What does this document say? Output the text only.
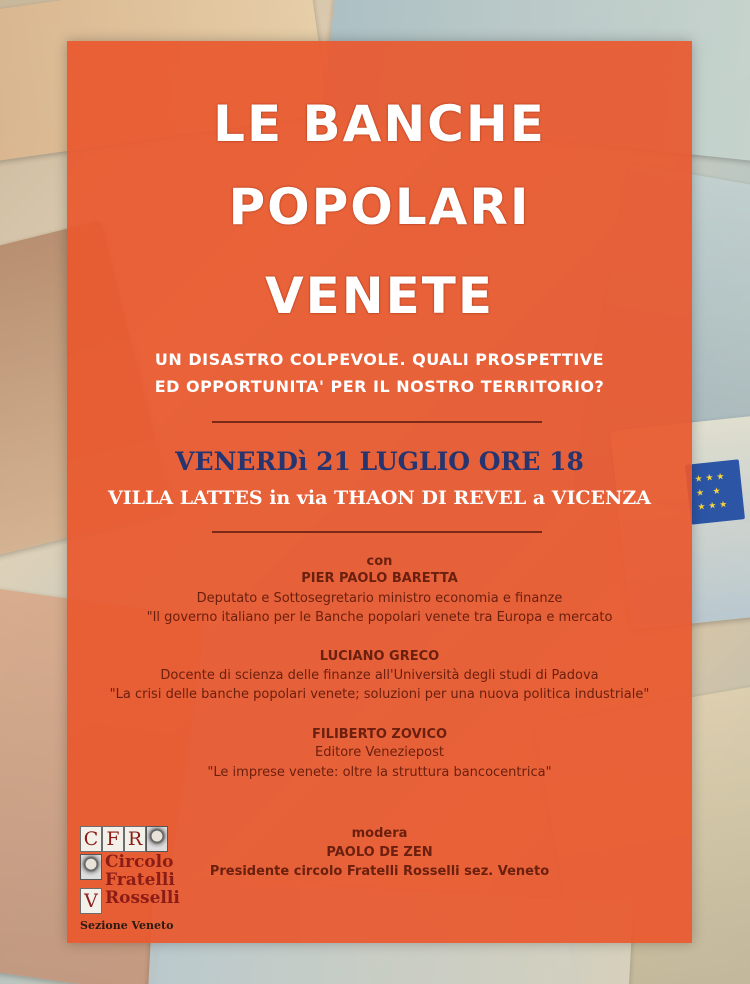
★ ★ ★ ★ ★ ★ ★ ★
LE BANCHE
POPOLARI
VENETE
UN DISASTRO COLPEVOLE. QUALI PROSPETTIVE
ED OPPORTUNITA' PER IL NOSTRO TERRITORIO?
VENERDì 21 LUGLIO ORE 18
VILLA LATTES in via THAON DI REVEL a VICENZA
con
PIER PAOLO BARETTA
Deputato e Sottosegretario ministro economia e finanze
"Il governo italiano per le Banche popolari venete tra Europa e mercato
LUCIANO GRECO
Docente di scienza delle finanze all'Università degli studi di Padova
"La crisi delle banche popolari venete; soluzioni per una nuova politica industriale"
FILIBERTO ZOVICO
Editore Veneziepost
"Le imprese venete: oltre la struttura bancocentrica"
modera
PAOLO DE ZEN
Presidente circolo Fratelli Rosselli sez. Veneto
C F R
Circolo
Fratelli
V Rosselli
Sezione Veneto
